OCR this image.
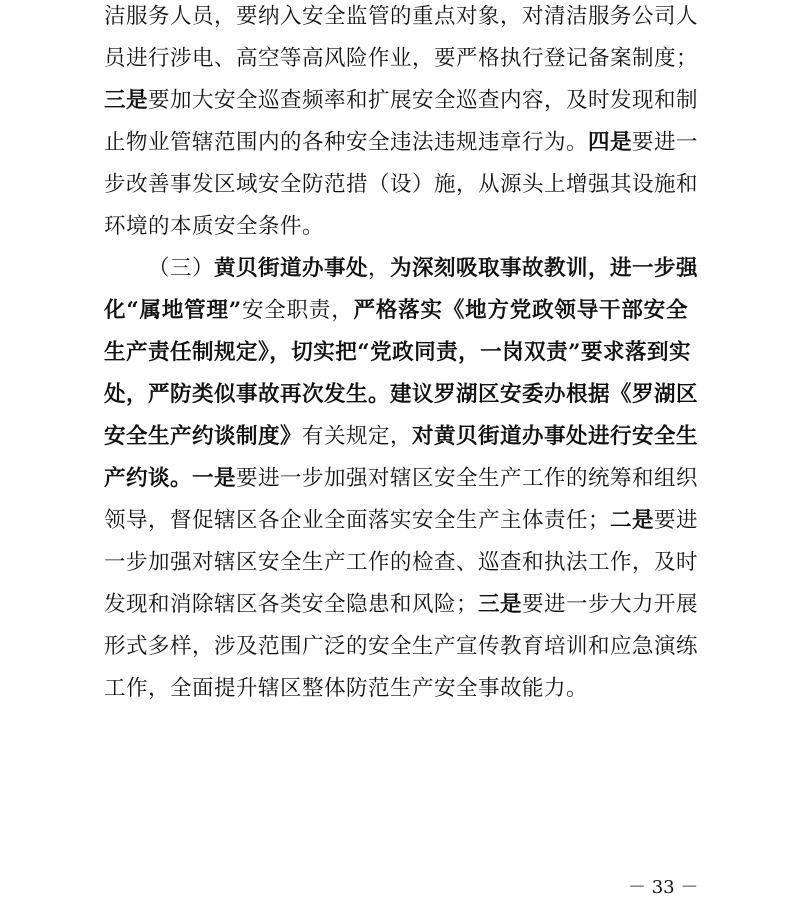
洁服务人员，要纳入安全监管的重点对象，对清洁服务公司人
员进行涉电、高空等高风险作业，要严格执行登记备案制度；
三是要加大安全巡查频率和扩展安全巡查内容，及时发现和制
止物业管辖范围内的各种安全违法违规违章行为。四是要进一
步改善事发区域安全防范措（设）施，从源头上增强其设施和
环境的本质安全条件。
（三）黄贝街道办事处，为深刻吸取事故教训，进一步强
化“属地管理”安全职责，严格落实《地方党政领导干部安全
生产责任制规定》，切实把“党政同责，一岗双责”要求落到实
处，严防类似事故再次发生。建议罗湖区安委办根据《罗湖区
安全生产约谈制度》有关规定，对黄贝街道办事处进行安全生
产约谈。一是要进一步加强对辖区安全生产工作的统筹和组织
领导，督促辖区各企业全面落实安全生产主体责任；二是要进
一步加强对辖区安全生产工作的检查、巡查和执法工作，及时
发现和消除辖区各类安全隐患和风险；三是要进一步大力开展
形式多样，涉及范围广泛的安全生产宣传教育培训和应急演练
工作，全面提升辖区整体防范生产安全事故能力。
－ 33 －
